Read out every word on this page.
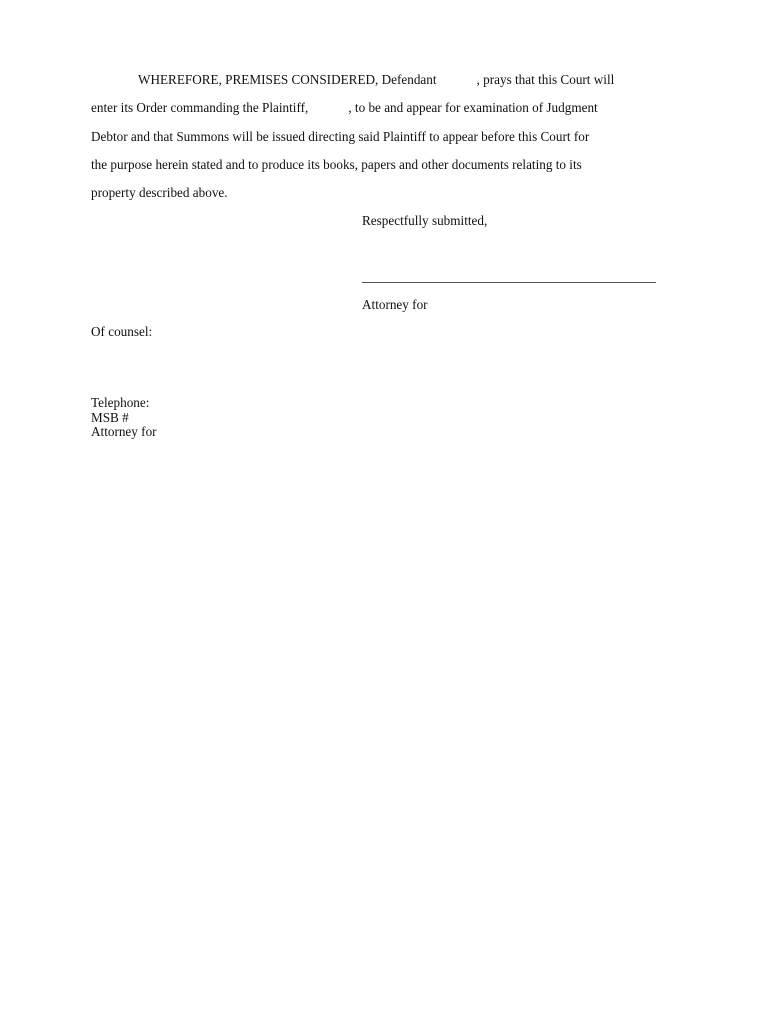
WHEREFORE, PREMISES CONSIDERED, Defendant	, prays that this Court will
enter its Order commanding the Plaintiff,	, to be and appear for examination of Judgment
Debtor and that Summons will be issued directing said Plaintiff to appear before this Court for
the purpose herein stated and to produce its books, papers and other documents relating to its
property described above.
Respectfully submitted,
Attorney for
Of counsel:
Telephone:
MSB #
Attorney for
